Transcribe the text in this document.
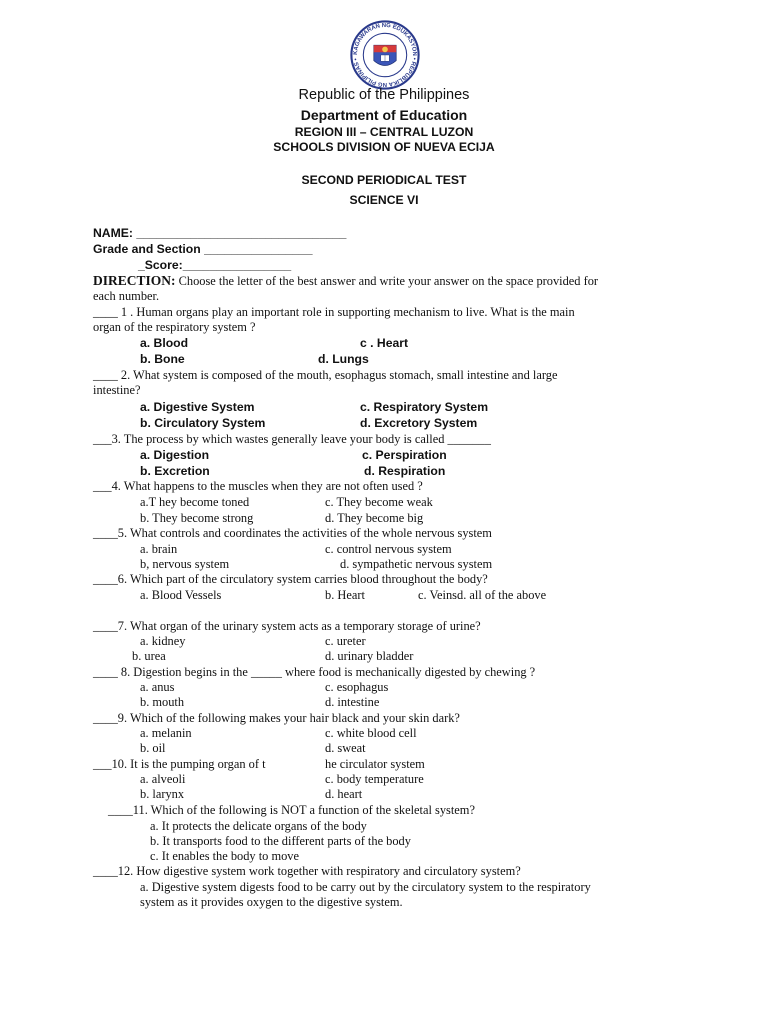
KAGAWARAN NG EDUKASYON • REPUBLIKA NG PILIPINAS •
Republic of the Philippines
Department of Education
REGION III – CENTRAL LUZON
SCHOOLS DIVISION OF NUEVA ECIJA
SECOND PERIODICAL TEST
SCIENCE VI
NAME: _______________________________
Grade and Section ________________
_Score:________________
DIRECTION: Choose the letter of the best answer and write your answer on the space provided for
each number.
____ 1 . Human organs play an important role in supporting mechanism to live. What is the main
organ of the respiratory system ?
a. Blood	c . Heart
b. Bone	d. Lungs
____ 2. What system is composed of the mouth, esophagus stomach, small intestine and large
intestine?
a. Digestive System	c. Respiratory System
b. Circulatory System	d. Excretory System
___3. The process by which wastes generally leave your body is called _______
a. Digestion	c. Perspiration
b. Excretion	d. Respiration
___4. What happens to the muscles when they are not often used ?
a.T hey become toned	c. They become weak
b. They become strong	d. They become big
____5. What controls and coordinates the activities of the whole nervous system
a. brain	c. control nervous system
b, nervous system	d. sympathetic nervous system
____6. Which part of the circulatory system carries blood throughout the body?
a. Blood Vessels	b. Heart	c. Veinsd. all of the above
____7. What organ of the urinary system acts as a temporary storage of urine?
a. kidney	c. ureter
b. urea	d. urinary bladder
____ 8. Digestion begins in the _____ where food is mechanically digested by chewing ?
a. anus	c. esophagus
b. mouth	d. intestine
____9. Which of the following makes your hair black and your skin dark?
a. melanin	c. white blood cell
b. oil	d. sweat
___10. It is the pumping organ of t	he circulator system
a. alveoli	c. body temperature
b. larynx	d. heart
____11. Which of the following is NOT a function of the skeletal system?
a. It protects the delicate organs of the body
b. It transports food to the different parts of the body
c. It enables the body to move
____12. How digestive system work together with respiratory and circulatory system?
a. Digestive system digests food to be carry out by the circulatory system to the respiratory
system as it provides oxygen to the digestive system.
